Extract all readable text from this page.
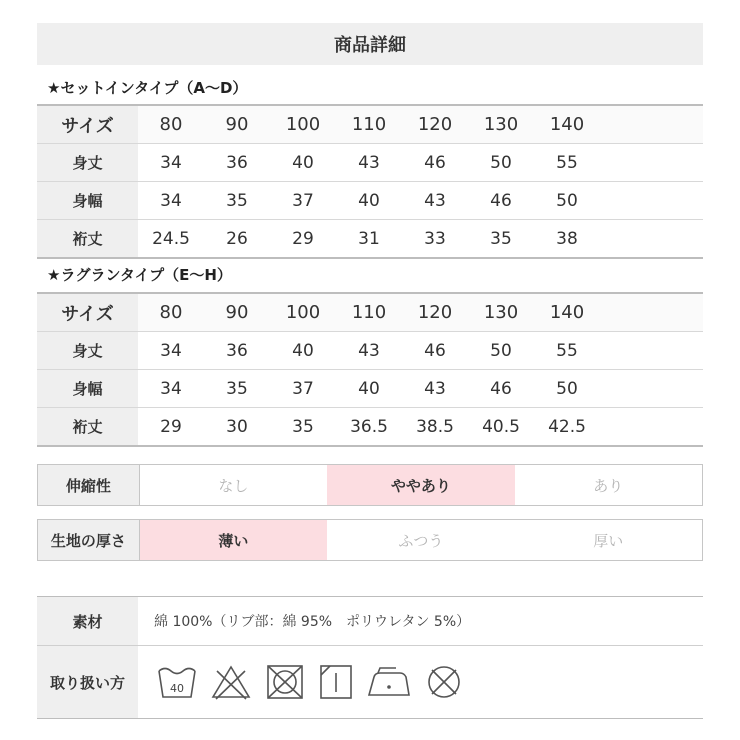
商品詳細
★セットインタイプ（A～D）
サイズ	80	90	100	110	120	130	140	
身丈	34	36	40	43	46	50	55	
身幅	34	35	37	40	43	46	50	
裄丈	24.5	26	29	31	33	35	38	
★ラグランタイプ（E～H）
サイズ	80	90	100	110	120	130	140	
身丈	34	36	40	43	46	50	55	
身幅	34	35	37	40	43	46	50	
裄丈	29	30	35	36.5	38.5	40.5	42.5	
伸縮性	なし	ややあり	あり
生地の厚さ	薄い	ふつう	厚い
素材	綿 100%（リブ部：綿 95%　ポリウレタン 5%）
取り扱い方	40
